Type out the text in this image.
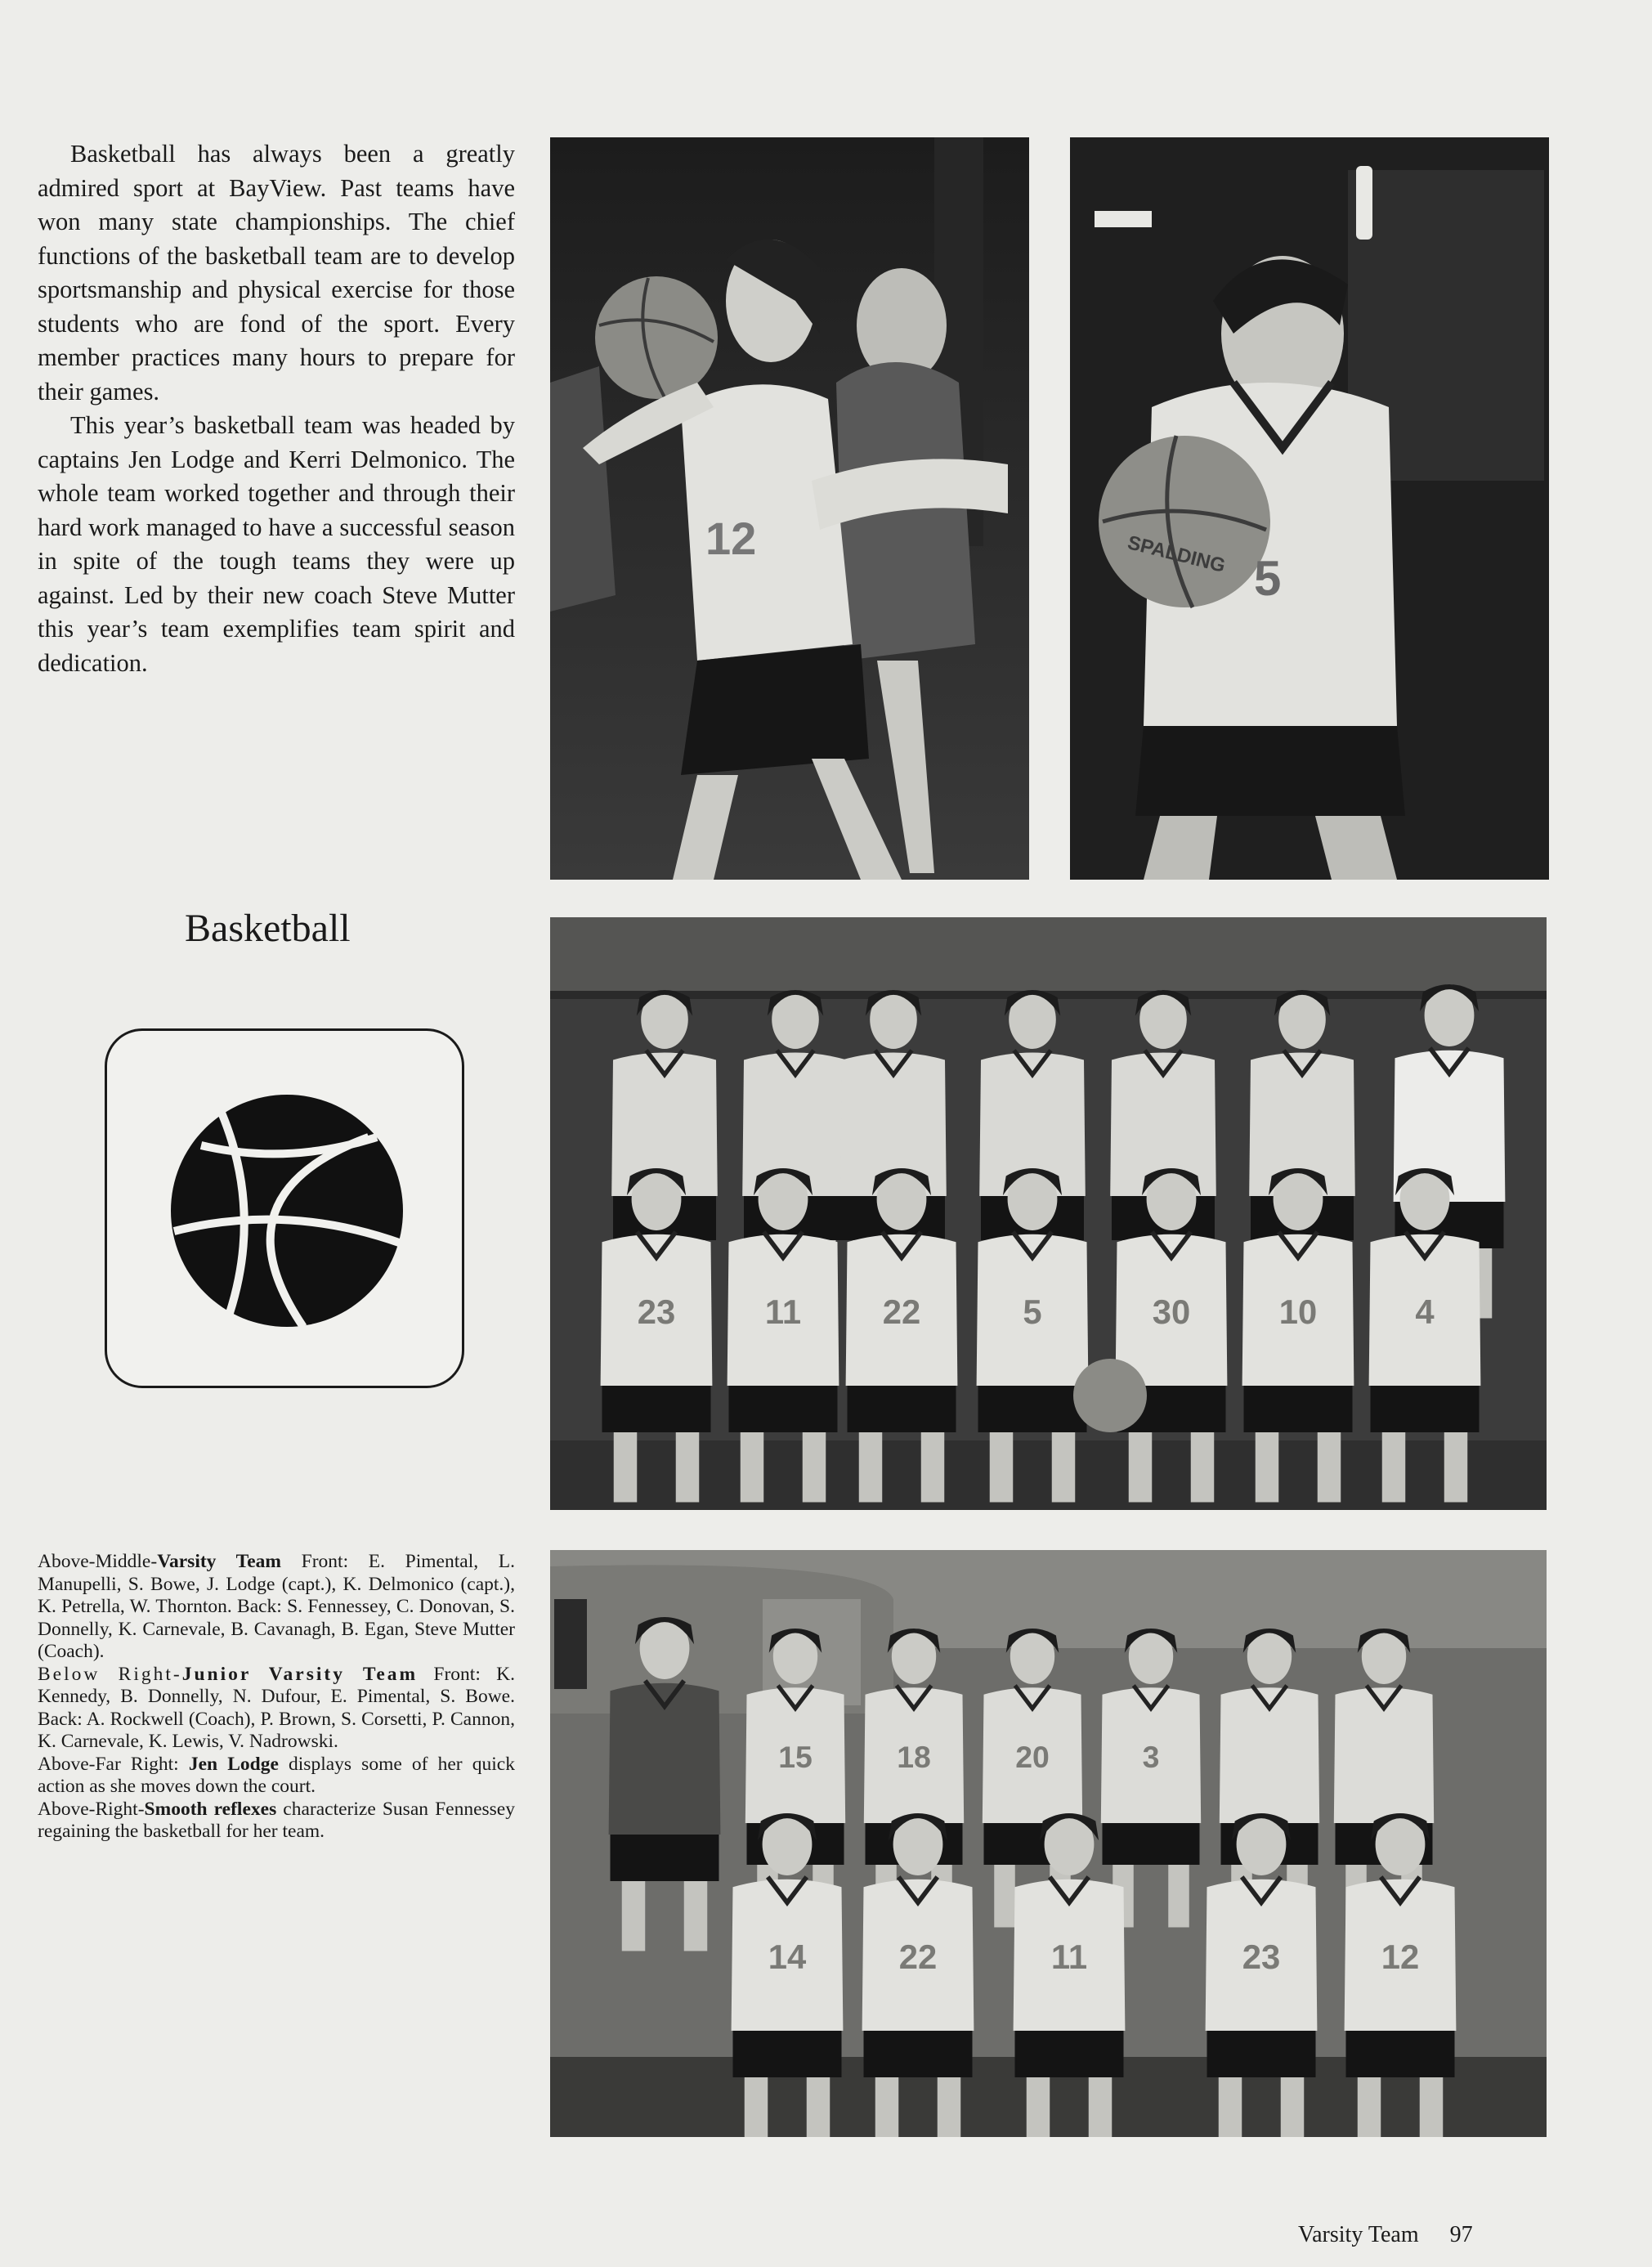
Basketball has always been a greatly admired sport at BayView. Past teams have won many state championships. The chief functions of the basketball team are to develop sportsmanship and physical exercise for those students who are fond of the sport. Every member practices many hours to prepare for their games.

This year’s basketball team was headed by captains Jen Lodge and Kerri Delmonico. The whole team worked together and through their hard work managed to have a successful season in spite of the tough teams they were up against. Led by their new coach Steve Mutter this year’s team exemplifies team spirit and dedication.

12	SPALDING 5
Basketball
23	11 22	5	30	10	4
15	18	20	3
14	22	11	23	12

Above-Middle-Varsity Team Front: E. Pimental, L. Manupelli, S. Bowe, J. Lodge (capt.), K. Delmonico (capt.), K. Petrella, W. Thornton. Back: S. Fennessey, C. Donovan, S. Donnelly, K. Carnevale, B. Cavanagh, B. Egan, Steve Mutter (Coach).

Below Right-Junior Varsity Team Front: K. Kennedy, B. Donnelly, N. Dufour, E. Pimental, S. Bowe. Back: A. Rockwell (Coach), P. Brown, S. Corsetti, P. Cannon, K. Carnevale, K. Lewis, V. Nadrowski.

Above-Far Right: Jen Lodge displays some of her quick action as she moves down the court.

Above-Right-Smooth reflexes characterize Susan Fennessey regaining the basketball for her team.

Varsity Team 97
